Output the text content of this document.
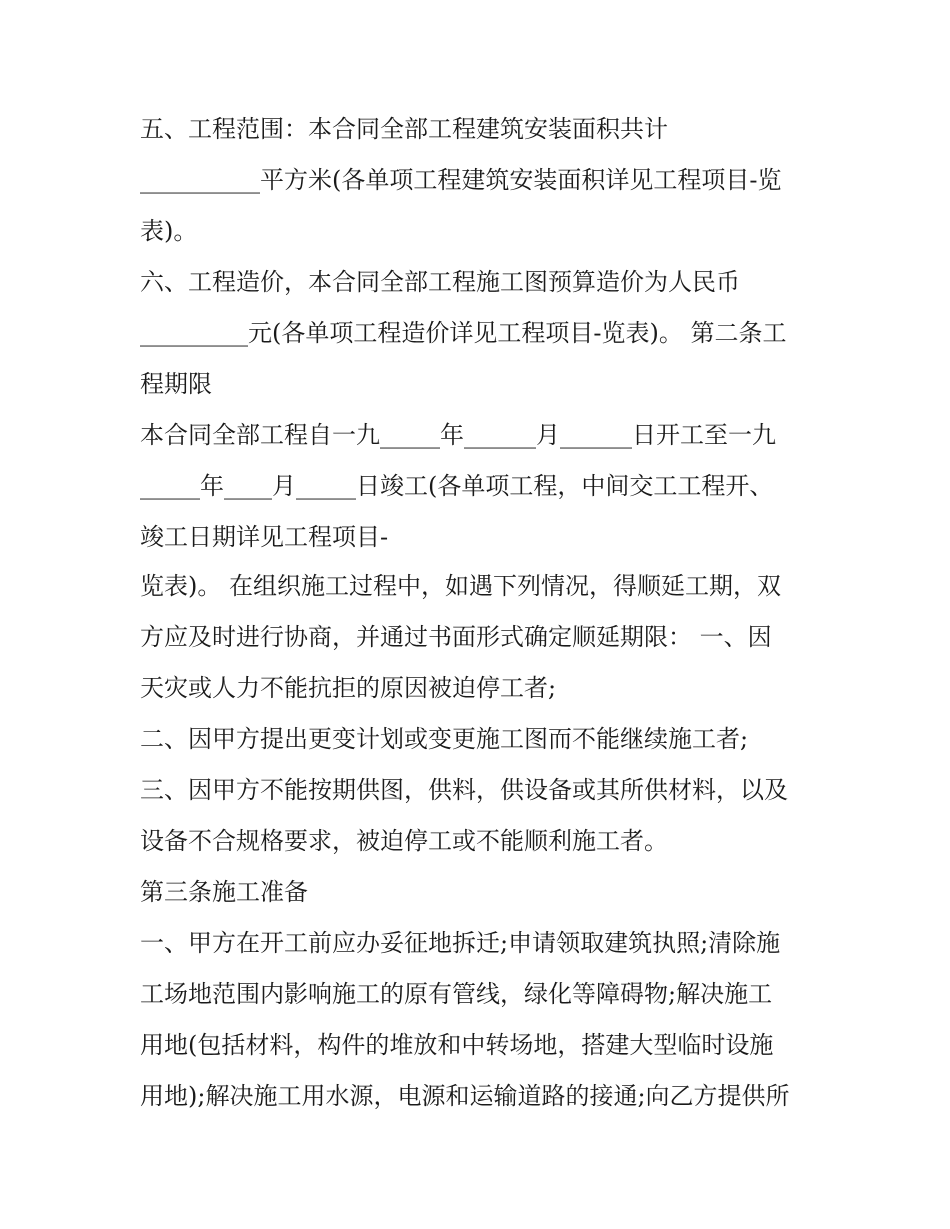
五、工程范围：本合同全部工程建筑安装面积共计
__________平方米(各单项工程建筑安装面积详见工程项目-览
表)。
六、工程造价，本合同全部工程施工图预算造价为人民币
_________元(各单项工程造价详见工程项目-览表)。 第二条工
程期限
本合同全部工程自一九_____年______月______日开工至一九
_____年____月_____日竣工(各单项工程，中间交工工程开、
竣工日期详见工程项目-
览表)。 在组织施工过程中，如遇下列情况，得顺延工期，双
方应及时进行协商，并通过书面形式确定顺延期限： 一、因
天灾或人力不能抗拒的原因被迫停工者;
二、因甲方提出更变计划或变更施工图而不能继续施工者;
三、因甲方不能按期供图，供料，供设备或其所供材料，以及
设备不合规格要求，被迫停工或不能顺利施工者。
第三条施工准备
一、甲方在开工前应办妥征地拆迁;申请领取建筑执照;清除施
工场地范围内影响施工的原有管线，绿化等障碍物;解决施工
用地(包括材料，构件的堆放和中转场地，搭建大型临时设施
用地);解决施工用水源，电源和运输道路的接通;向乙方提供所
